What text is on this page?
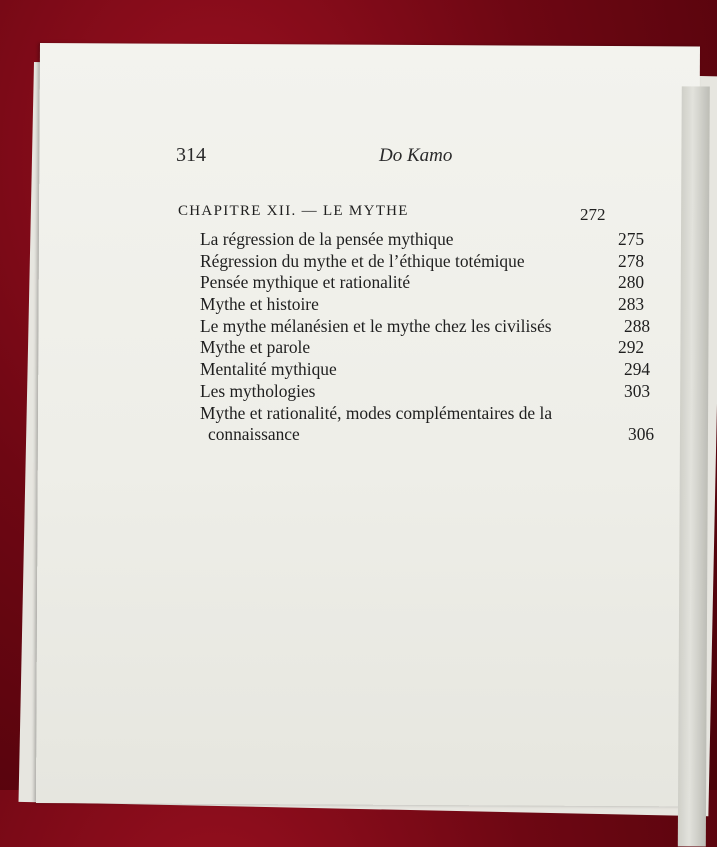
314	Do Kamo
CHAPITRE XII. — LE MYTHE	272
La régression de la pensée mythique	275
Régression du mythe et de l’éthique totémique	278
Pensée mythique et rationalité	280
Mythe et histoire	283
Le mythe mélanésien et le mythe chez les civilisés	288
Mythe et parole	292
Mentalité mythique	294
Les mythologies	303
Mythe et rationalité, modes complémentaires de la
connaissance	306
